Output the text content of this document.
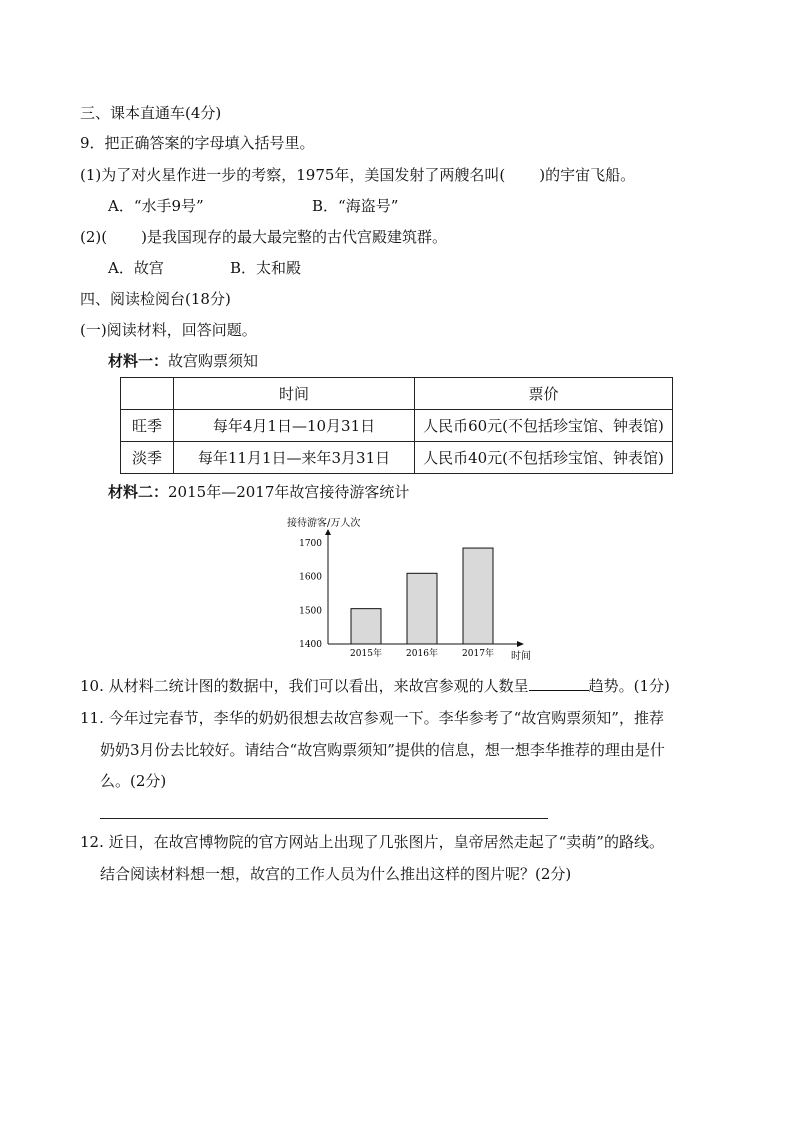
三、课本直通车(4分)
9．把正确答案的字母填入括号里。
(1)为了对火星作进一步的考察，1975年，美国发射了两艘名叫( )的宇宙飞船。
A．“水手9号”	B．“海盗号”
(2)( )是我国现存的最大最完整的古代宫殿建筑群。
A．故宫	B．太和殿
四、阅读检阅台(18分)
(一)阅读材料，回答问题。
材料一：故宫购票须知
	时间	票价
旺季	每年4月1日—10月31日	人民币60元(不包括珍宝馆、钟表馆)
淡季	每年11月1日—来年3月31日	人民币40元(不包括珍宝馆、钟表馆)
材料二：2015年—2017年故宫接待游客统计
接待游客/万人次
1400
1500
1600
1700
2015年	2016年	2017年 时间
10. 从材料二统计图的数据中，我们可以看出，来故宫参观的人数呈	趋势。(1分)
11. 今年过完春节，李华的奶奶很想去故宫参观一下。李华参考了“故宫购票须知”，推荐
奶奶3月份去比较好。请结合“故宫购票须知”提供的信息，想一想李华推荐的理由是什
么。(2分)
12. 近日，在故宫博物院的官方网站上出现了几张图片，皇帝居然走起了“卖萌”的路线。
结合阅读材料想一想，故宫的工作人员为什么推出这样的图片呢？(2分)
